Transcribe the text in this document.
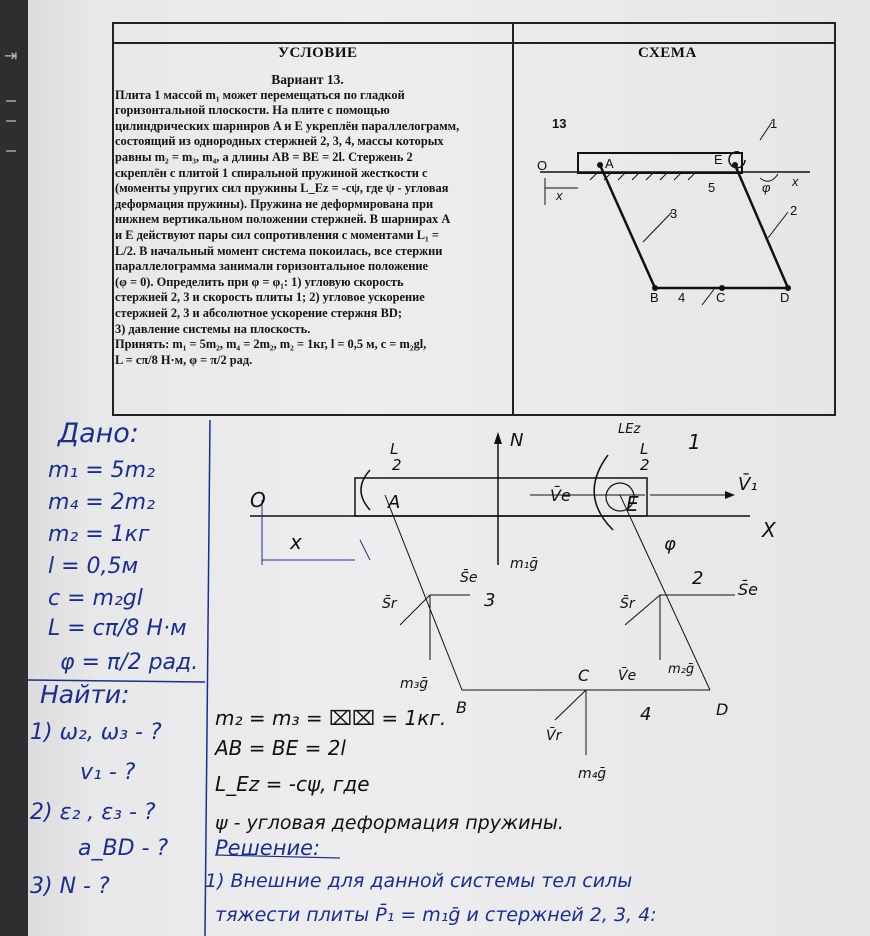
⇥	УСЛОВИЕ	СХЕМА

Вариант 13.

Плита 1 массой m₁ может перемещаться по гладкой

горизонтальной плоскости. На плите с помощью

цилиндрических шарниров A и E укреплён параллелограмм,

состоящий из однородных стержней 2, 3, 4, массы которых

равны m₂ = m₃, m₄, а длины AB = BE = 2l. Стержень 2

скреплён с плитой 1 спиральной пружиной жесткости c

(моменты упругих сил пружины L_Ez = -cψ, где ψ - угловая

деформация пружины). Пружина не деформирована при

нижнем вертикальном положении стержней. В шарнирах A

и E действуют пары сил сопротивления с моментами L₁ =

L/2. В начальный момент система покоилась, все стержни

параллелограмма занимали горизонтальное положение

(φ = 0). Определить при φ = φ₁: 1) угловую скорость

стержней 2, 3 и скорость плиты 1; 2) угловое ускорение

стержней 2, 3 и абсолютное ускорение стержня BD;

3) давление системы на плоскость.

Принять: m₁ = 5m₂, m₄ = 2m₂, m₂ = 1кг, l = 0,5 м, c = m₂gl,

L = cπ/8 Н·м, φ = π/2 рад.

13
O	A	E
x
x
1
2
3
4
5	φ
B	C	D
Дано:
m₁ = 5m₂
m₄ = 2m₂
m₂ = 1кг
l = 0,5м
c = m₂gl
L = cπ/8 Н·м
φ = π/2 рад.
Найти:
1) ω₂, ω₃ - ?
v₁ - ?
2) ε₂ , ε₃ - ?
a_BD - ?
3) N - ?
L
2
A
O
x	X
N
V̄e	E
LEz
L
2
1
V̄₁
φ
m₁ḡ
S̄e
S̄r	3
m₃ḡ
2
S̄e
S̄r
m₂ḡ
B
C V̄e
4	D
V̄r
m₄ḡ
m₂ = m₃ = ⌧⌧ = 1кг.
AB = BE = 2l
L_Ez = -cψ, где
ψ - угловая деформация пружины.
Решение:
1) Внешние для данной системы тел силы
тяжести плиты P̄₁ = m₁ḡ и стержней 2, 3, 4:
